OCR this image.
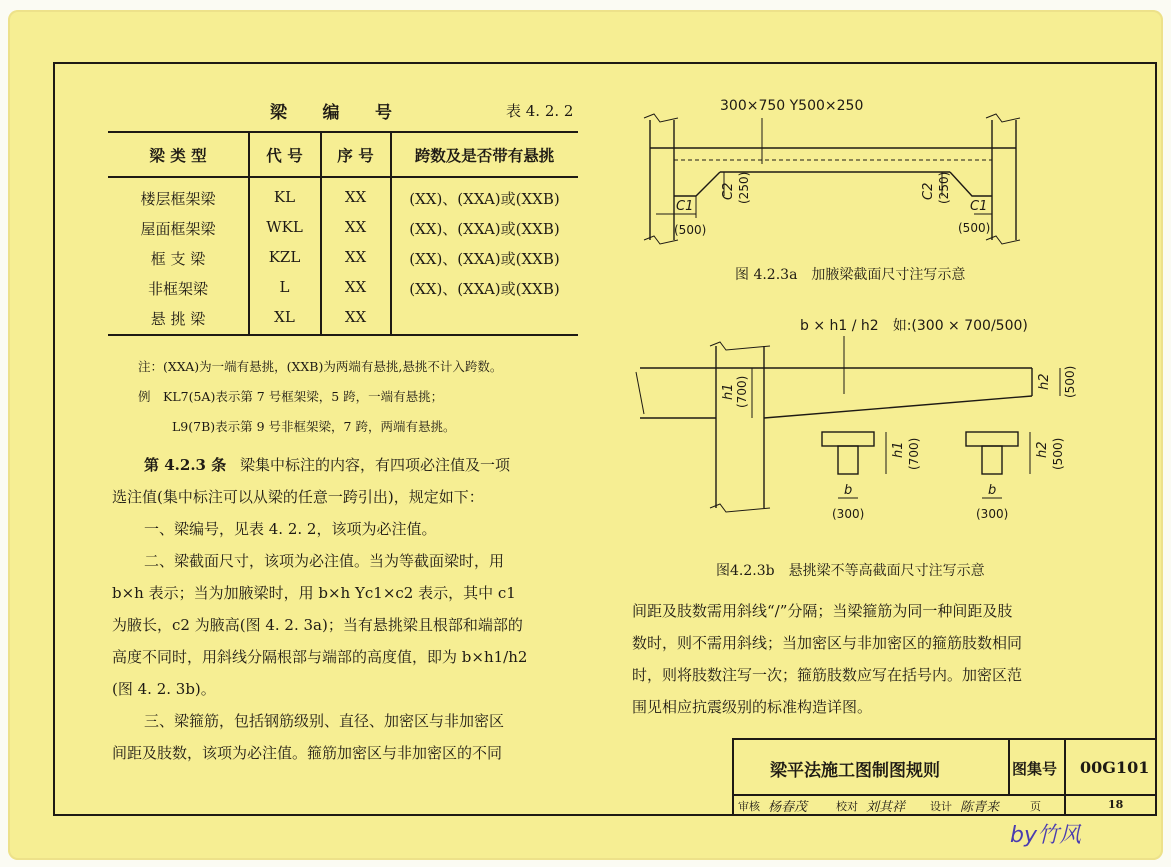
梁　　编　　号	表 4. 2. 2
梁 类 型	代 号	序 号	跨数及是否带有悬挑
楼层框架梁	KL	XX	(XX)、(XXA)或(XXB)
屋面框架梁	WKL	XX	(XX)、(XXA)或(XXB)
框 支 梁	KZL	XX	(XX)、(XXA)或(XXB)
非框架梁	L	XX	(XX)、(XXA)或(XXB)
悬 挑 梁	XL	XX
注：(XXA)为一端有悬挑，(XXB)为两端有悬挑,悬挑不计入跨数。
例　KL7(5A)表示第 7 号框架梁，5 跨，一端有悬挑；
L9(7B)表示第 9 号非框架梁，7 跨，两端有悬挑。
第 4.2.3 条 梁集中标注的内容，有四项必注值及一项
选注值(集中标注可以从梁的任意一跨引出)，规定如下：
一、梁编号，见表 4. 2. 2，该项为必注值。
二、梁截面尺寸，该项为必注值。当为等截面梁时，用
b×h 表示；当为加腋梁时，用 b×h Yc1×c2 表示，其中 c1
为腋长，c2 为腋高(图 4. 2. 3a)；当有悬挑梁且根部和端部的
高度不同时，用斜线分隔根部与端部的高度值，即为 b×h1/h2
(图 4. 2. 3b)。
三、梁箍筋，包括钢筋级别、直径、加密区与非加密区
间距及肢数，该项为必注值。箍筋加密区与非加密区的不同
间距及肢数需用斜线“/”分隔；当梁箍筋为同一种间距及肢
数时，则不需用斜线；当加密区与非加密区的箍筋肢数相同
时，则将肢数注写一次；箍筋肢数应写在括号内。加密区范
围见相应抗震级别的标准构造详图。
300×750 Y500×250
C1
(500)
C2 (250)	C2 (250)
C1
(500)
图 4.2.3a　加腋梁截面尺寸注写示意
b × h1 / h2　如:(300 × 700/500)
h1 (700)	h2 (500)
h1 (700)	h2 (500)
b
(300)
b
(300)
图4.2.3b　悬挑梁不等高截面尺寸注写示意
梁平法施工图制图规则	图集号 00G101
审核 杨春茂	校对 刘其祥 设计 陈青来	页	18
by竹风
